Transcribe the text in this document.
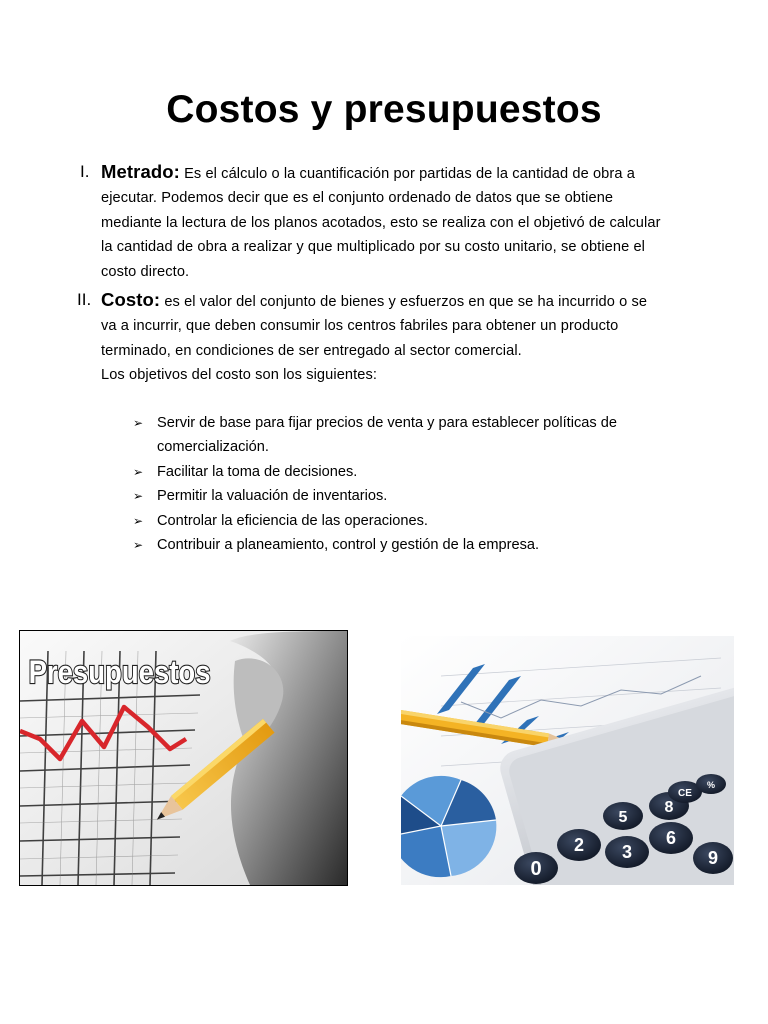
Costos y presupuestos
I. Metrado: Es el cálculo o la cuantificación por partidas de la cantidad de obra a ejecutar. Podemos decir que es el conjunto ordenado de datos que se obtiene mediante la lectura de los planos acotados, esto se realiza con el objetivó de calcular la cantidad de obra a realizar y que multiplicado por su costo unitario, se obtiene el costo directo.
II. Costo: es el valor del conjunto de bienes y esfuerzos en que se ha incurrido o se va a incurrir, que deben consumir los centros fabriles para obtener un producto terminado, en condiciones de ser entregado al sector comercial.
Los objetivos del costo son los siguientes:
➢ Servir de base para fijar precios de venta y para establecer políticas de comercialización.
➢ Facilitar la toma de decisiones.
➢ Permitir la valuación de inventarios.
➢ Controlar la eficiencia de las operaciones.
➢ Contribuir a planeamiento, control y gestión de la empresa.
Presupuestos
0
2 3
6
9
5
8
CE
%
